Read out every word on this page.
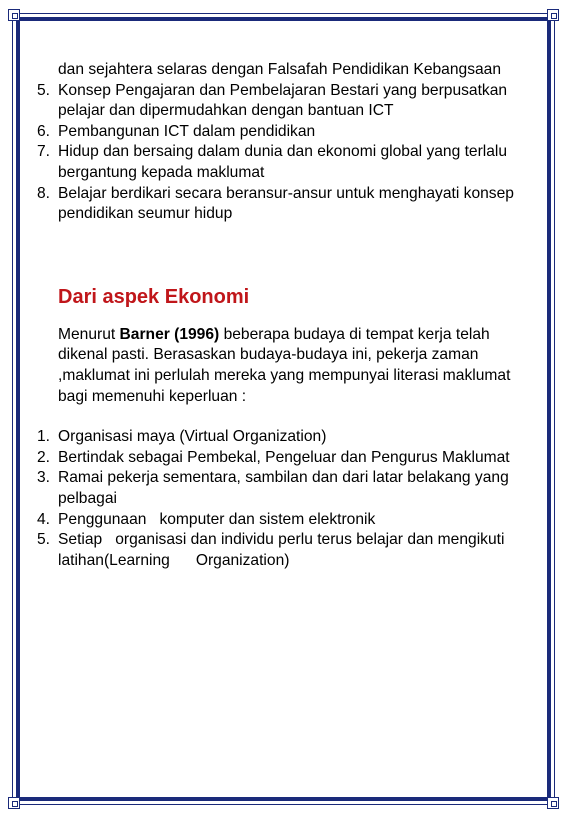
dan sejahtera selaras dengan Falsafah Pendidikan Kebangsaan

5. Konsep Pengajaran dan Pembelajaran Bestari yang berpusatkan pelajar dan dipermudahkan dengan bantuan ICT
6. Pembangunan ICT dalam pendidikan
7. Hidup dan bersaing dalam dunia dan ekonomi global yang terlalu bergantung kepada maklumat
8. Belajar berdikari secara beransur-ansur untuk menghayati konsep pendidikan seumur hidup
Dari aspek Ekonomi

Menurut Barner (1996) beberapa budaya di tempat kerja telah dikenal pasti. Berasaskan budaya-budaya ini, pekerja zaman ,maklumat ini perlulah mereka yang mempunyai literasi maklumat bagi memenuhi keperluan :

1. Organisasi maya (Virtual Organization)
2. Bertindak sebagai Pembekal, Pengeluar dan Pengurus Maklumat
3. Ramai pekerja sementara, sambilan dan dari latar belakang yang      pelbagai
4. Penggunaan   komputer dan sistem elektronik
5. Setiap   organisasi dan individu perlu terus belajar dan mengikuti latihan(Learning      Organization)
